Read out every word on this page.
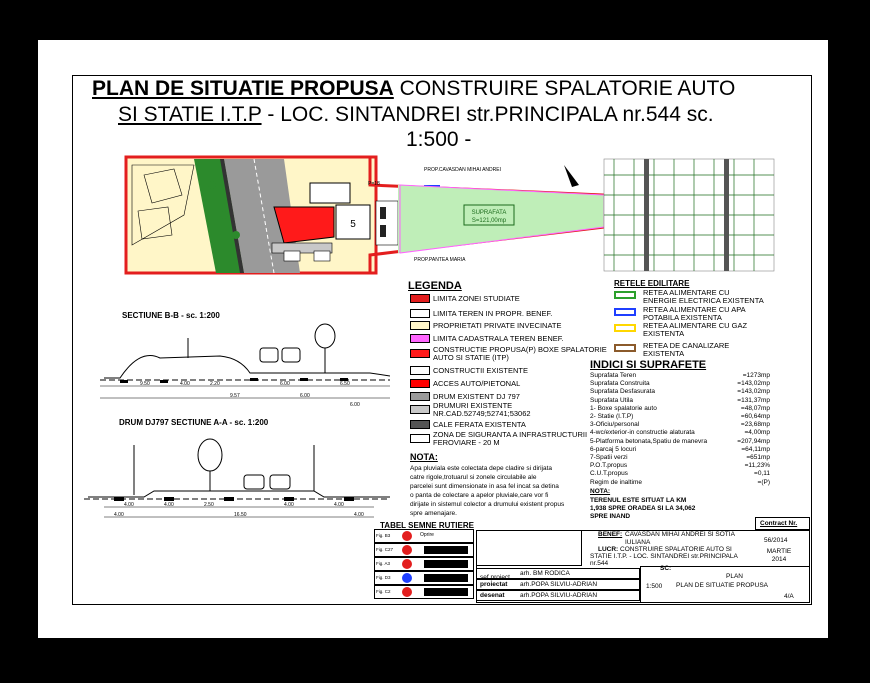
PLAN DE SITUATIE PROPUSA CONSTRUIRE SPALATORIE AUTO
SI STATIE I.T.P - LOC. SINTANDREI str.PRINCIPALA nr.544 sc.
1:500 -
5
SUPRAFATA
S=121,00mp
PROP.CAVASDAN MIHAI ANDREI
PROP.PANTEA MARIA
P=18
SECTIUNE B-B - sc. 1:200
9.50	4.00	2.20	6.00	6.50
9.57	6.00
6.00
DRUM DJ797 SECTIUNE A-A - sc. 1:200
4.00	4.00	2.50	4.00	4.00
16.50
4.00	4.00
LEGENDA	RETELE EDILITARE
INDICI SI SUPRAFETE
NOTA:
TERENUL ESTE SITUAT LA KM
1,938 SPRE ORADEA SI LA 34,062
SPRE INAND
NOTA:
TABEL SEMNE RUTIERE
sef proiect
BENEF: CAVASDAN MIHAI ANDREI SI SOTIA IULIANA
LUCR: CONSTRUIRE SPALATORIE AUTO SI STATIE I.T.P. - LOC. SINTANDREI str.PRINCIPALA nr.544
Contract Nr.
56/2014
MARTIE 2014
SC:
1:500
PLAN
PLAN DE SITUATIE PROPUSA
4/A
LIMITA ZONEI STUDIATE
LIMITA TEREN IN PROPR. BENEF.
PROPRIETATI PRIVATE INVECINATE
LIMITA CADASTRALA TEREN BENEF.
CONSTRUCTIE PROPUSA(P) BOXE SPALATORIE AUTO SI STATIE (ITP)
CONSTRUCTII EXISTENTE
ACCES AUTO/PIETONAL
DRUM EXISTENT DJ 797
DRUMURI EXISTENTE NR.CAD.52749;52741;53062
CALE FERATA EXISTENTA
ZONA DE SIGURANTA A INFRASTRUCTURII FEROVIARE - 20 M
RETEA ALIMENTARE CU ENERGIE ELECTRICA EXISTENTA
RETEA ALIMENTARE CU APA POTABILA EXISTENTA
RETEA ALIMENTARE CU GAZ EXISTENTA
RETEA DE CANALIZARE EXISTENTA
Suprafata Teren	=1273mp
Suprafata Construita	=143,02mp
Suprafata Desfasurata	=143,02mp
Suprafata Utila	=131,37mp
1- Boxe spalatorie auto	=48,07mp
2- Statie (I.T.P)	=60,64mp
3-Oficiu/personal	=23,68mp
4-wc/exterior-in constructie alaturata	=4,00mp
5-Platforma betonata,Spatiu de manevra	=207,94mp
6-parcaj 5 locuri	=64,11mp
7-Spatii verzi	=651mp
P.O.T.propus	=11,23%
C.U.T.propus	=0,11
Regim de inaltime	=(P)
Apa pluviala este colectata depe cladire si dirijata
catre rigole,trotuarul si zonele circulabile ale
parcelei sunt dimensionate in asa fel incat sa detina
o panta de colectare a apelor pluviale,care vor fi
dirijate in sistemul colector a drumului existent propus
spre amenajare.
Fig. B3	Oprire
Fig. C27
Fig. A3
Fig. D3
Fig. C2
arh. BM RODICA
proiectat arh.POPA SILVIU-ADRIAN
desenat arh.POPA SILVIU-ADRIAN
